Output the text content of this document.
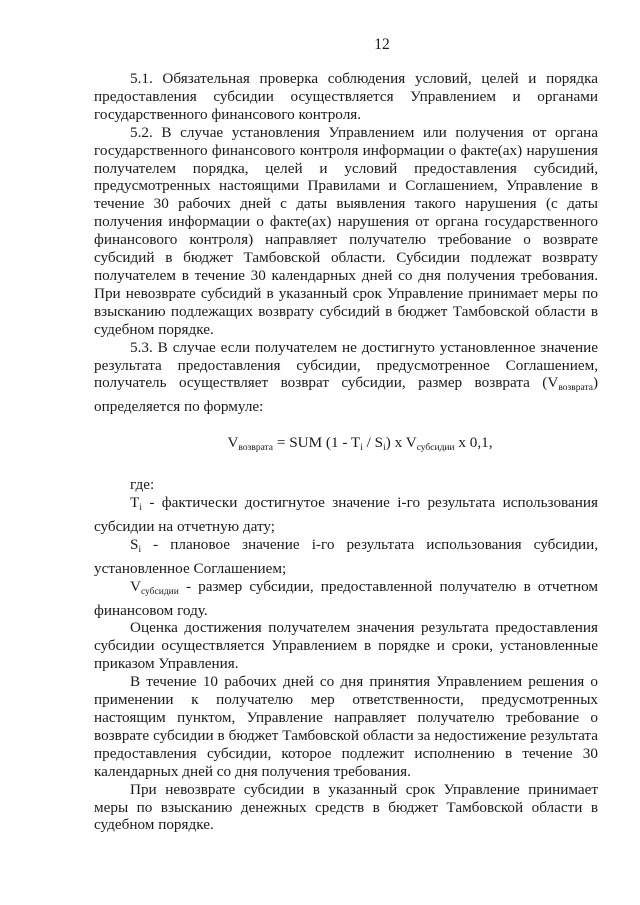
12

5.1. Обязательная проверка соблюдения условий, целей и порядка предоставления субсидии осуществляется Управлением и органами государственного финансового контроля.

5.2. В случае установления Управлением или получения от органа государственного финансового контроля информации о факте(ах) нарушения получателем порядка, целей и условий предоставления субсидий, предусмотренных настоящими Правилами и Соглашением, Управление в течение 30 рабочих дней с даты выявления такого нарушения (с даты получения информации о факте(ах) нарушения от органа государственного финансового контроля) направляет получателю требование о возврате субсидий в бюджет Тамбовской области. Субсидии подлежат возврату получателем в течение 30 календарных дней со дня получения требования. При невозврате субсидий в указанный срок Управление принимает меры по взысканию подлежащих возврату субсидий в бюджет Тамбовской области в судебном порядке.

5.3. В случае если получателем не достигнуто установленное значение результата предоставления субсидии, предусмотренное Соглашением, получатель осуществляет возврат субсидии, размер возврата $(V_{возврата})$ определяется по формуле:

$V_{возврата}$ = SUM $(1 - T_i / S_i)$ x $V_{субсидии}$ x 0,1,

где:

$T_i$ - фактически достигнутое значение i-го результата использования субсидии на отчетную дату;

$S_i$ - плановое значение i-го результата использования субсидии, установленное Соглашением;

$V_{субсидии}$ - размер субсидии, предоставленной получателю в отчетном финансовом году.

Оценка достижения получателем значения результата предоставления субсидии осуществляется Управлением в порядке и сроки, установленные приказом Управления.

В течение 10 рабочих дней со дня принятия Управлением решения о применении к получателю мер ответственности, предусмотренных настоящим пунктом, Управление направляет получателю требование о возврате субсидии в бюджет Тамбовской области за недостижение результата предоставления субсидии, которое подлежит исполнению в течение 30 календарных дней со дня получения требования.

При невозврате субсидии в указанный срок Управление принимает меры по взысканию денежных средств в бюджет Тамбовской области в судебном порядке.
